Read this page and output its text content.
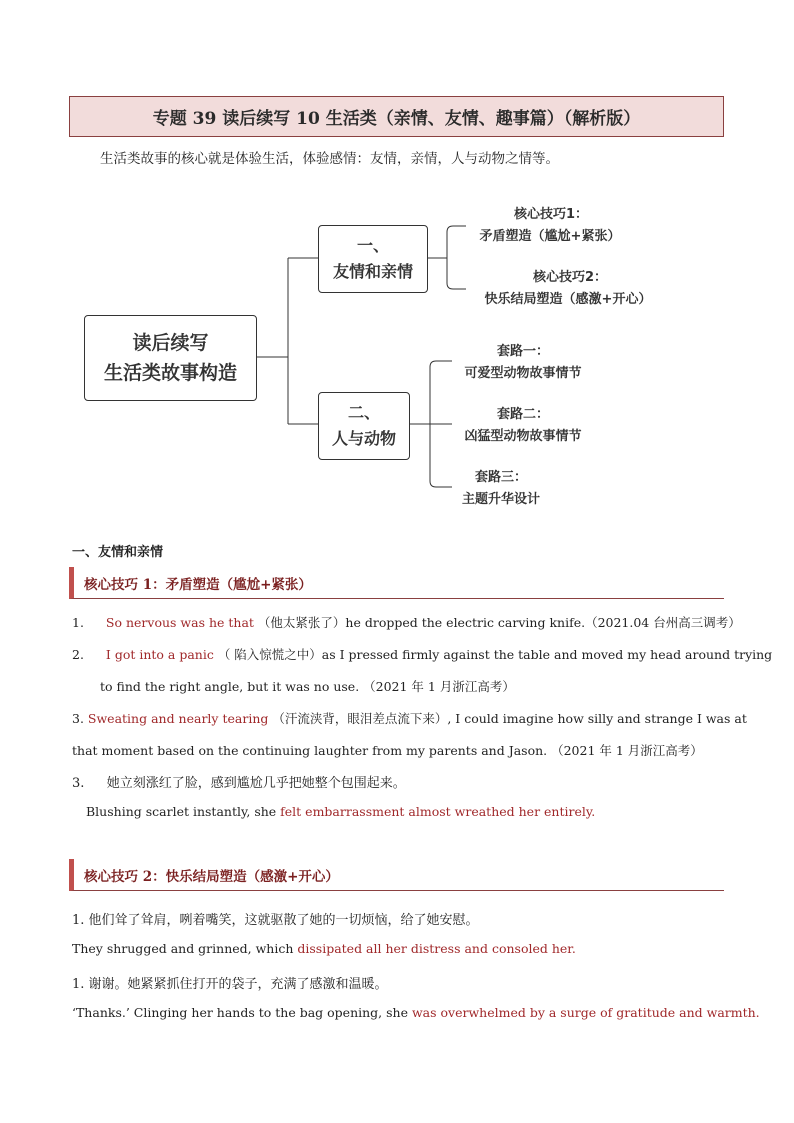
专题 39 读后续写 10 生活类（亲情、友情、趣事篇）（解析版）
生活类故事的核心就是体验生活，体验感情：友情，亲情，人与动物之情等。
读后续写
生活类故事构造
一、
友情和亲情
二、
人与动物
核心技巧1：
矛盾塑造（尴尬+紧张）
核心技巧2：
快乐结局塑造（感激+开心）
套路一：
可爱型动物故事情节
套路二：
凶猛型动物故事情节
套路三：
主题升华设计
一、友情和亲情
核心技巧 1：矛盾塑造（尴尬+紧张）
1. So nervous was he that （他太紧张了）he dropped the electric carving knife.（2021.04 台州高三调考）
2. I got into a panic （ 陷入惊慌之中）as I pressed firmly against the table and moved my head around trying
to find the right angle, but it was no use. （2021 年 1 月浙江高考）
3. Sweating and nearly tearing （汗流浃背，眼泪差点流下来）, I could imagine how silly and strange I was at
that moment based on the continuing laughter from my parents and Jason. （2021 年 1 月浙江高考）
3. 她立刻涨红了脸，感到尴尬几乎把她整个包围起来。
Blushing scarlet instantly, she felt embarrassment almost wreathed her entirely.
核心技巧 2：快乐结局塑造（感激+开心）
1. 他们耸了耸肩，咧着嘴笑，这就驱散了她的一切烦恼，给了她安慰。
They shrugged and grinned, which dissipated all her distress and consoled her.
1. 谢谢。她紧紧抓住打开的袋子，充满了感激和温暖。
‘Thanks.’ Clinging her hands to the bag opening, she was overwhelmed by a surge of gratitude and warmth.
